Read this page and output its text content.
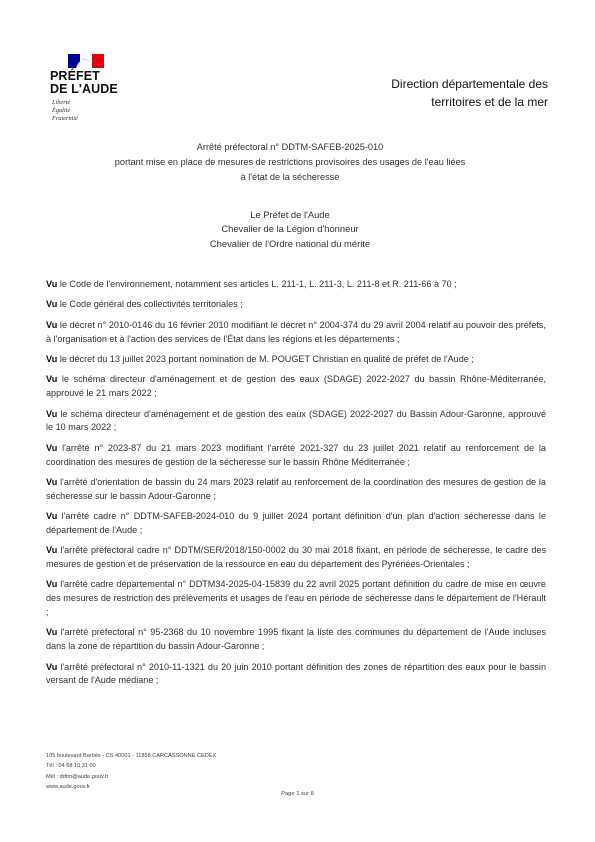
PRÉFET
DE L'AUDE
Liberté
Égalité
Fraternité
Direction départementale des
territoires et de la mer
Arrêté préfectoral n° DDTM-SAFEB-2025-010
portant mise en place de mesures de restrictions provisoires des usages de l'eau liées
à l'état de la sécheresse
Le Préfet de l'Aude
Chevalier de la Légion d'honneur
Chevalier de l'Ordre national du mérite

Vu le Code de l'environnement, notamment ses articles L. 211-1, L. 211-3, L. 211-8 et R. 211-66 à 70 ;

Vu le Code général des collectivités territoriales ;

Vu le décret n° 2010-0146 du 16 février 2010 modifiant le décret n° 2004-374 du 29 avril 2004 relatif au pouvoir des préfets, à l'organisation et à l'action des services de l'État dans les régions et les départements ;

Vu le décret du 13 juillet 2023 portant nomination de M. POUGET Christian en qualité de préfet de l'Aude ;

Vu le schéma directeur d'aménagement et de gestion des eaux (SDAGE) 2022-2027 du bassin Rhône-Méditerranée, approuvé le 21 mars 2022 ;

Vu le schéma directeur d'aménagement et de gestion des eaux (SDAGE) 2022-2027 du Bassin Adour-Garonne, approuvé le 10 mars 2022 ;

Vu l'arrêté n° 2023-87 du 21 mars 2023 modifiant l'arrêté 2021-327 du 23 juillet 2021 relatif au renforcement de la coordination des mesures de gestion de la sécheresse sur le bassin Rhône Méditerranée ;

Vu l'arrêté d'orientation de bassin du 24 mars 2023 relatif au renforcement de la coordination des mesures de gestion de la sécheresse sur le bassin Adour-Garonne ;

Vu l'arrêté cadre n° DDTM-SAFEB-2024-010 du 9 juillet 2024 portant définition d'un plan d'action sécheresse dans le département de l'Aude ;

Vu l'arrêté préfectoral cadre n° DDTM/SER/2018/150-0002 du 30 mai 2018 fixant, en période de sécheresse, le cadre des mesures de gestion et de préservation de la ressource en eau du département des Pyrénées-Orientales ;

Vu l'arrêté cadre départemental n° DDTM34-2025-04-15839 du 22 avril 2025 portant définition du cadre de mise en œuvre des mesures de restriction des prélèvements et usages de l'eau en période de sécheresse dans le département de l'Hérault ;

Vu l'arrêté préfectoral n° 95-2368 du 10 novembre 1995 fixant la liste des communes du département de l'Aude incluses dans la zone de répartition du bassin Adour-Garonne ;

Vu l'arrêté préfectoral n° 2010-11-1321 du 20 juin 2010 portant définition des zones de répartition des eaux pour le bassin versant de l'Aude médiane ;

105 boulevard Barbès - CS 40001 - 11858 CARCASSONNE CEDEX
Tél : 04 68 10 31 00
Mél : ddtm@aude.gouv.fr
www.aude.gouv.fr
Page 1 sur 6
